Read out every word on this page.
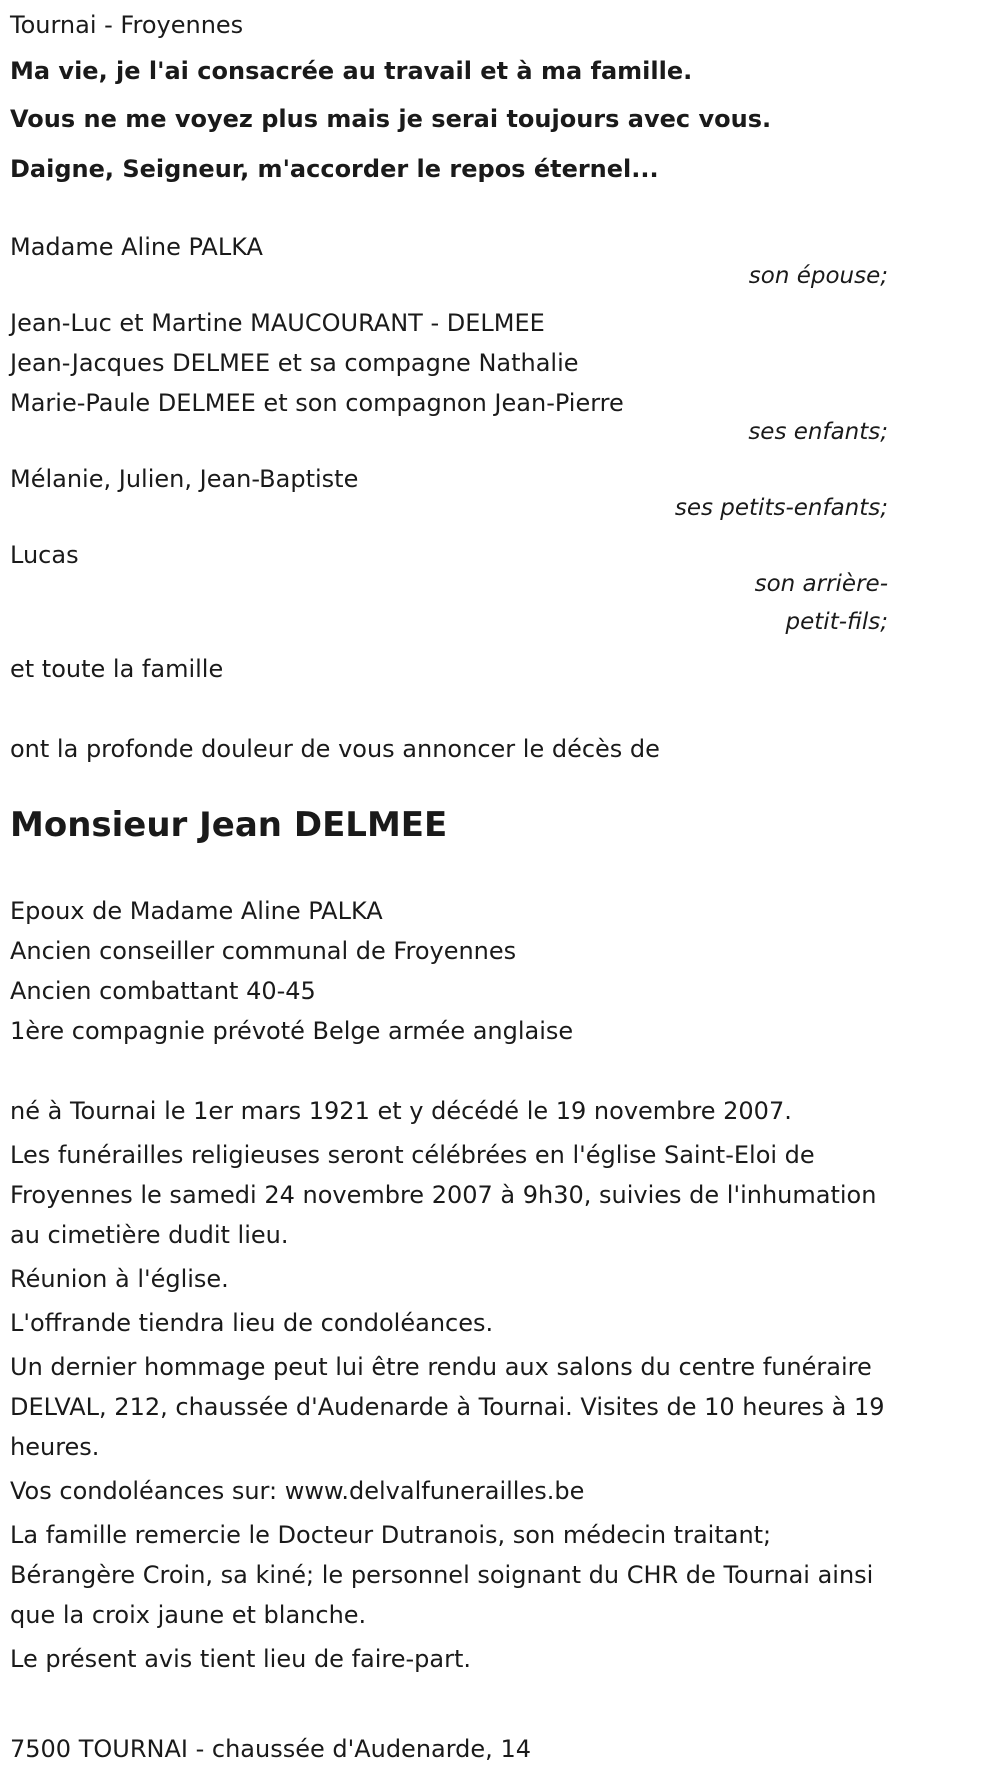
Tournai - Froyennes
Ma vie, je l'ai consacrée au travail et à ma famille.
Vous ne me voyez plus mais je serai toujours avec vous.
Daigne, Seigneur, m'accorder le repos éternel...
Madame Aline PALKA
son épouse;
Jean-Luc et Martine MAUCOURANT - DELMEE
Jean-Jacques DELMEE et sa compagne Nathalie
Marie-Paule DELMEE et son compagnon Jean-Pierre
ses enfants;
Mélanie, Julien, Jean-Baptiste
ses petits-enfants;
Lucas
son arrière-
petit-fils;
et toute la famille
ont la profonde douleur de vous annoncer le décès de
Monsieur Jean DELMEE
Epoux de Madame Aline PALKA
Ancien conseiller communal de Froyennes
Ancien combattant 40-45
1ère compagnie prévoté Belge armée anglaise
né à Tournai le 1er mars 1921 et y décédé le 19 novembre 2007.
Les funérailles religieuses seront célébrées en l'église Saint-Eloi de Froyennes le samedi 24 novembre 2007 à 9h30, suivies de l'inhumation au cimetière dudit lieu.
Réunion à l'église.
L'offrande tiendra lieu de condoléances.
Un dernier hommage peut lui être rendu aux salons du centre funéraire DELVAL, 212, chaussée d'Audenarde à Tournai. Visites de 10 heures à 19 heures.
Vos condoléances sur: www.delvalfunerailles.be
La famille remercie le Docteur Dutranois, son médecin traitant; Bérangère Croin, sa kiné; le personnel soignant du CHR de Tournai ainsi que la croix jaune et blanche.
Le présent avis tient lieu de faire-part.
7500 TOURNAI - chaussée d'Audenarde, 14
